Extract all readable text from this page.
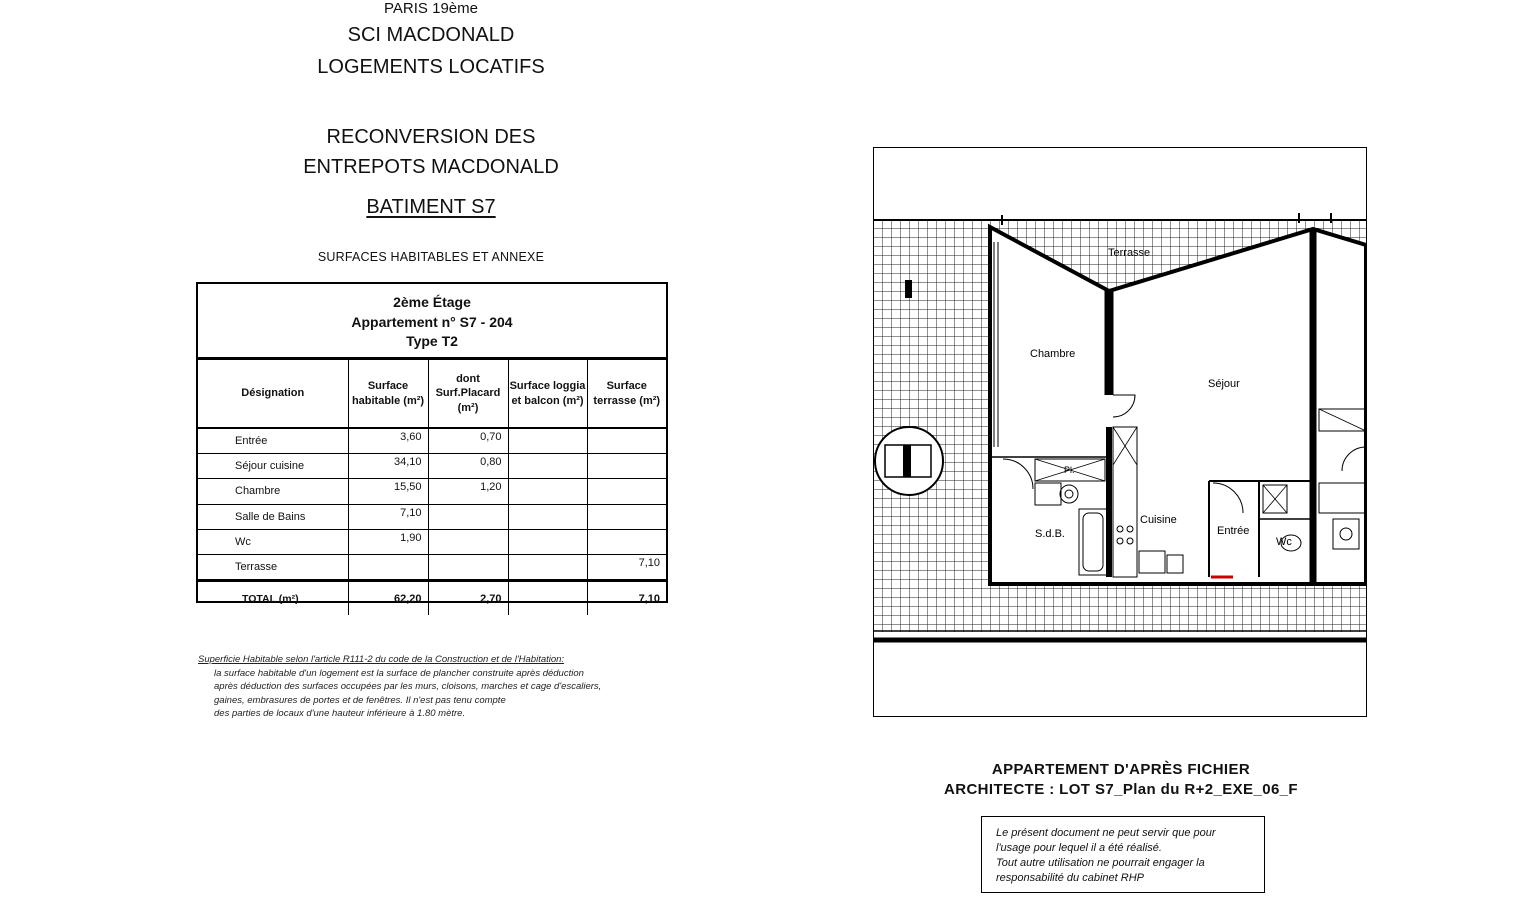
PARIS 19ème
SCI MACDONALD
LOGEMENTS LOCATIFS
RECONVERSION DES
ENTREPOTS MACDONALD
BATIMENT S7
SURFACES HABITABLES ET ANNEXE
2ème Étage
Appartement n° S7 - 204
Type T2
Désignation	Surface habitable (m²)	dont Surf.Placard (m²)	Surface loggia et balcon (m²)	Surface terrasse (m²)
Entrée	3,60	0,70		
Séjour cuisine	34,10	0,80		
Chambre	15,50	1,20		
Salle de Bains	7,10			
Wc	1,90			
Terrasse				7,10
TOTAL (m²)	62,20	2,70		7,10
Superficie Habitable selon l'article R111-2 du code de la Construction et de l'Habitation:
la surface habitable d'un logement est la surface de plancher construite après déduction
après déduction des surfaces occupées par les murs, cloisons, marches et cage d'escaliers,
gaines, embrasures de portes et de fenêtres. Il n'est pas tenu compte
des parties de locaux d'une hauteur inférieure à 1.80 mètre.
Terrasse
Chambre
Séjour
S.d.B.
Cuisine
Entrée
Wc
Pl.
APPARTEMENT D'APRÈS FICHIER
ARCHITECTE : LOT S7_Plan du R+2_EXE_06_F
Le présent document ne peut servir que pour
l'usage pour lequel il a été réalisé.
Tout autre utilisation ne pourrait engager la
responsabilité du cabinet RHP
